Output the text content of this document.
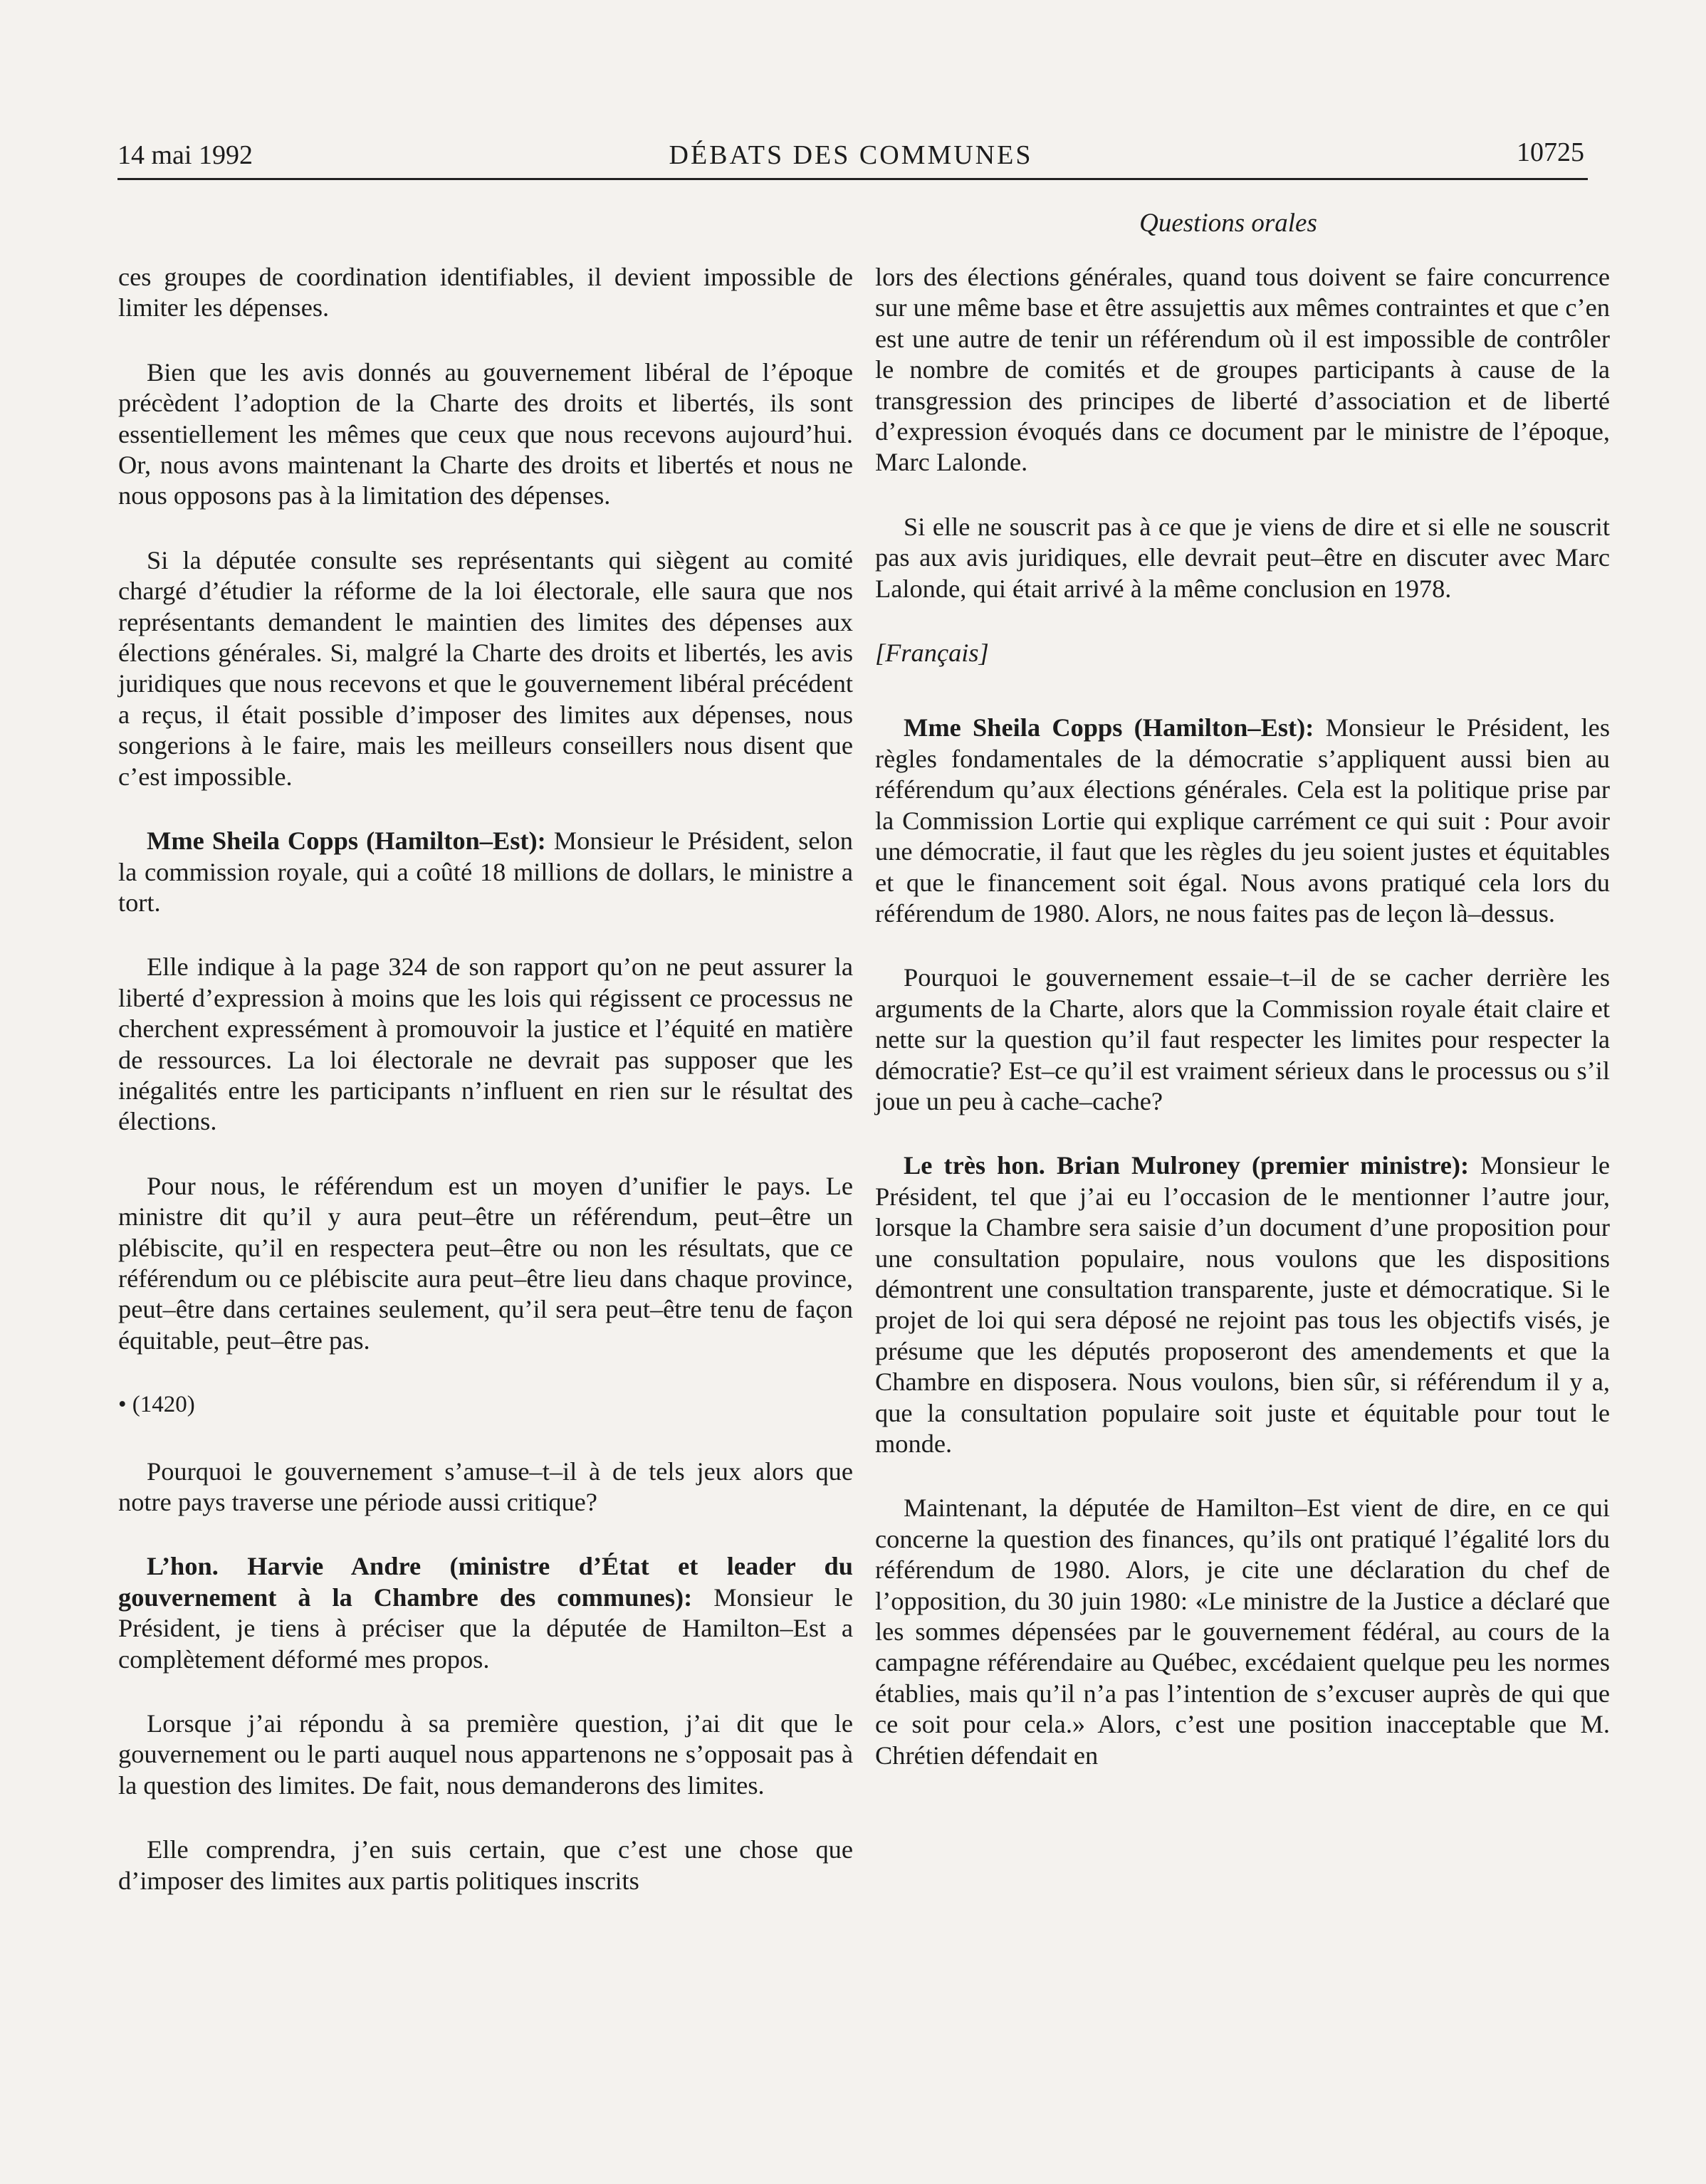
14 mai 1992	DÉBATS DES COMMUNES	10725
Questions orales

ces groupes de coordination identifiables, il devient impossible de limiter les dépenses.

Bien que les avis donnés au gouvernement libéral de l’époque précèdent l’adoption de la Charte des droits et libertés, ils sont essentiellement les mêmes que ceux que nous recevons aujourd’hui. Or, nous avons maintenant la Charte des droits et libertés et nous ne nous opposons pas à la limitation des dépenses.

Si la députée consulte ses représentants qui siègent au comité chargé d’étudier la réforme de la loi électorale, elle saura que nos représentants demandent le maintien des limites des dépenses aux élections générales. Si, malgré la Charte des droits et libertés, les avis juridiques que nous recevons et que le gouvernement libéral précédent a reçus, il était possible d’imposer des limites aux dépenses, nous songerions à le faire, mais les meilleurs conseillers nous disent que c’est impossible.

Mme Sheila Copps (Hamilton–Est): Monsieur le Président, selon la commission royale, qui a coûté 18 millions de dollars, le ministre a tort.

Elle indique à la page 324 de son rapport qu’on ne peut assurer la liberté d’expression à moins que les lois qui régissent ce processus ne cherchent expressément à promouvoir la justice et l’équité en matière de ressources. La loi électorale ne devrait pas supposer que les inégalités entre les participants n’influent en rien sur le résultat des élections.

Pour nous, le référendum est un moyen d’unifier le pays. Le ministre dit qu’il y aura peut–être un référendum, peut–être un plébiscite, qu’il en respectera peut–être ou non les résultats, que ce référendum ou ce plébiscite aura peut–être lieu dans chaque province, peut–être dans certaines seulement, qu’il sera peut–être tenu de façon équitable, peut–être pas.

• (1420)

Pourquoi le gouvernement s’amuse–t–il à de tels jeux alors que notre pays traverse une période aussi critique?

L’hon. Harvie Andre (ministre d’État et leader du gouvernement à la Chambre des communes): Monsieur le Président, je tiens à préciser que la députée de Hamilton–Est a complètement déformé mes propos.

Lorsque j’ai répondu à sa première question, j’ai dit que le gouvernement ou le parti auquel nous appartenons ne s’opposait pas à la question des limites. De fait, nous demanderons des limites.

Elle comprendra, j’en suis certain, que c’est une chose que d’imposer des limites aux partis politiques inscrits

lors des élections générales, quand tous doivent se faire concurrence sur une même base et être assujettis aux mêmes contraintes et que c’en est une autre de tenir un référendum où il est impossible de contrôler le nombre de comités et de groupes participants à cause de la transgression des principes de liberté d’association et de liberté d’expression évoqués dans ce document par le ministre de l’époque, Marc Lalonde.

Si elle ne souscrit pas à ce que je viens de dire et si elle ne souscrit pas aux avis juridiques, elle devrait peut–être en discuter avec Marc Lalonde, qui était arrivé à la même conclusion en 1978.

[Français]

Mme Sheila Copps (Hamilton–Est): Monsieur le Président, les règles fondamentales de la démocratie s’appliquent aussi bien au référendum qu’aux élections générales. Cela est la politique prise par la Commission Lortie qui explique carrément ce qui suit : Pour avoir une démocratie, il faut que les règles du jeu soient justes et équitables et que le financement soit égal. Nous avons pratiqué cela lors du référendum de 1980. Alors, ne nous faites pas de leçon là–dessus.

Pourquoi le gouvernement essaie–t–il de se cacher derrière les arguments de la Charte, alors que la Commission royale était claire et nette sur la question qu’il faut respecter les limites pour respecter la démocratie? Est–ce qu’il est vraiment sérieux dans le processus ou s’il joue un peu à cache–cache?

Le très hon. Brian Mulroney (premier ministre): Monsieur le Président, tel que j’ai eu l’occasion de le mentionner l’autre jour, lorsque la Chambre sera saisie d’un document d’une proposition pour une consultation populaire, nous voulons que les dispositions démontrent une consultation transparente, juste et démocratique. Si le projet de loi qui sera déposé ne rejoint pas tous les objectifs visés, je présume que les députés proposeront des amendements et que la Chambre en disposera. Nous voulons, bien sûr, si référendum il y a, que la consultation populaire soit juste et équitable pour tout le monde.

Maintenant, la députée de Hamilton–Est vient de dire, en ce qui concerne la question des finances, qu’ils ont pratiqué l’égalité lors du référendum de 1980. Alors, je cite une déclaration du chef de l’opposition, du 30 juin 1980: «Le ministre de la Justice a déclaré que les sommes dépensées par le gouvernement fédéral, au cours de la campagne référendaire au Québec, excédaient quelque peu les normes établies, mais qu’il n’a pas l’intention de s’excuser auprès de qui que ce soit pour cela.» Alors, c’est une position inacceptable que M. Chrétien défendait en
